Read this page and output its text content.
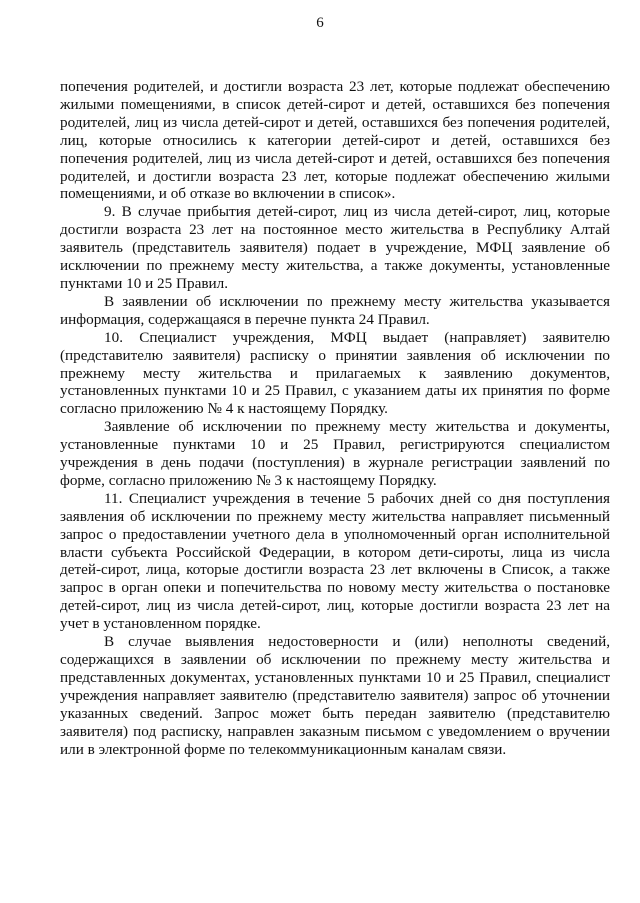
6

попечения родителей, и достигли возраста 23 лет, которые подлежат обеспечению жилыми помещениями, в список детей-сирот и детей, оставшихся без попечения родителей, лиц из числа детей-сирот и детей, оставшихся без попечения родителей, лиц, которые относились к категории детей-сирот и детей, оставшихся без попечения родителей, лиц из числа детей-сирот и детей, оставшихся без попечения родителей, и достигли возраста 23 лет, которые подлежат обеспечению жилыми помещениями, и об отказе во включении в список».

9. В случае прибытия детей-сирот, лиц из числа детей-сирот, лиц, которые достигли возраста 23 лет на постоянное место жительства в Республику Алтай заявитель (представитель заявителя) подает в учреждение, МФЦ заявление об исключении по прежнему месту жительства, а также документы, установленные пунктами 10 и 25 Правил.

В заявлении об исключении по прежнему месту жительства указывается информация, содержащаяся в перечне пункта 24 Правил.

10. Специалист учреждения, МФЦ выдает (направляет) заявителю (представителю заявителя) расписку о принятии заявления об исключении по прежнему месту жительства и прилагаемых к заявлению документов, установленных пунктами 10 и 25 Правил, с указанием даты их принятия по форме согласно приложению № 4 к настоящему Порядку.

Заявление об исключении по прежнему месту жительства и документы, установленные пунктами 10 и 25 Правил, регистрируются специалистом учреждения в день подачи (поступления) в журнале регистрации заявлений по форме, согласно приложению № 3 к настоящему Порядку.

11. Специалист учреждения в течение 5 рабочих дней со дня поступления заявления об исключении по прежнему месту жительства направляет письменный запрос о предоставлении учетного дела в уполномоченный орган исполнительной власти субъекта Российской Федерации, в котором дети-сироты, лица из числа детей-сирот, лица, которые достигли возраста 23 лет включены в Список, а также запрос в орган опеки и попечительства по новому месту жительства о постановке детей-сирот, лиц из числа детей-сирот, лиц, которые достигли возраста 23 лет на учет в установленном порядке.

В случае выявления недостоверности и (или) неполноты сведений, содержащихся в заявлении об исключении по прежнему месту жительства и представленных документах, установленных пунктами 10 и 25 Правил, специалист учреждения направляет заявителю (представителю заявителя) запрос об уточнении указанных сведений. Запрос может быть передан заявителю (представителю заявителя) под расписку, направлен заказным письмом с уведомлением о вручении или в электронной форме по телекоммуникационным каналам связи.
